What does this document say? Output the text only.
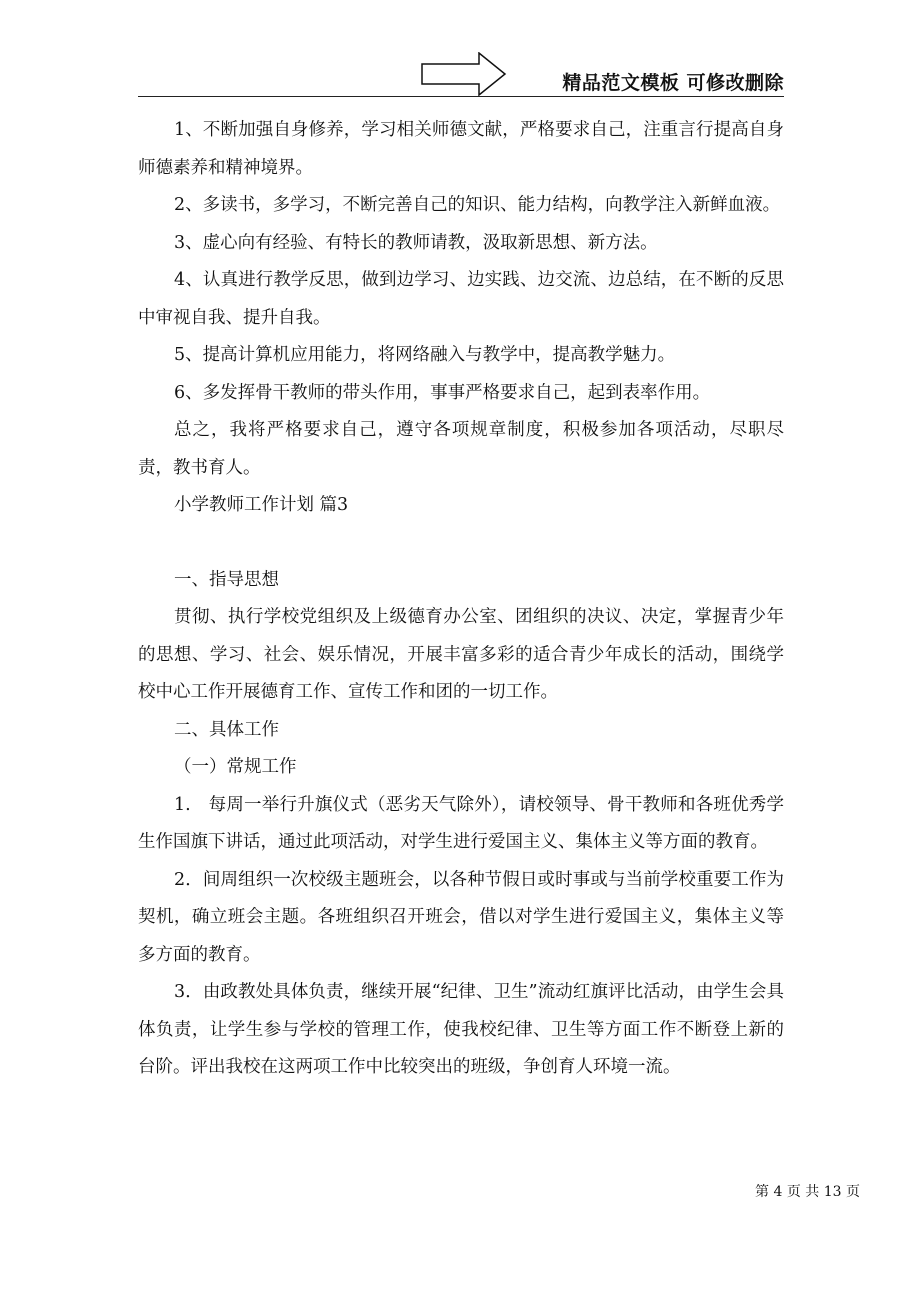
精品范文模板 可修改删除

1、不断加强自身修养，学习相关师德文献，严格要求自己，注重言行提高自身师德素养和精神境界。

2、多读书，多学习，不断完善自己的知识、能力结构，向教学注入新鲜血液。

3、虚心向有经验、有特长的教师请教，汲取新思想、新方法。

4、认真进行教学反思，做到边学习、边实践、边交流、边总结，在不断的反思中审视自我、提升自我。

5、提高计算机应用能力，将网络融入与教学中，提高教学魅力。

6、多发挥骨干教师的带头作用，事事严格要求自己，起到表率作用。

总之，我将严格要求自己，遵守各项规章制度，积极参加各项活动，尽职尽责，教书育人。

小学教师工作计划 篇3

一、指导思想

贯彻、执行学校党组织及上级德育办公室、团组织的决议、决定，掌握青少年的思想、学习、社会、娱乐情况，开展丰富多彩的适合青少年成长的活动，围绕学校中心工作开展德育工作、宣传工作和团的一切工作。

二、具体工作

（一）常规工作

1.　每周一举行升旗仪式（恶劣天气除外），请校领导、骨干教师和各班优秀学生作国旗下讲话，通过此项活动，对学生进行爱国主义、集体主义等方面的教育。

2．间周组织一次校级主题班会，以各种节假日或时事或与当前学校重要工作为契机，确立班会主题。各班组织召开班会，借以对学生进行爱国主义，集体主义等多方面的教育。

3．由政教处具体负责，继续开展“纪律、卫生”流动红旗评比活动，由学生会具体负责，让学生参与学校的管理工作，使我校纪律、卫生等方面工作不断登上新的台阶。评出我校在这两项工作中比较突出的班级，争创育人环境一流。

第 4 页 共 13 页
